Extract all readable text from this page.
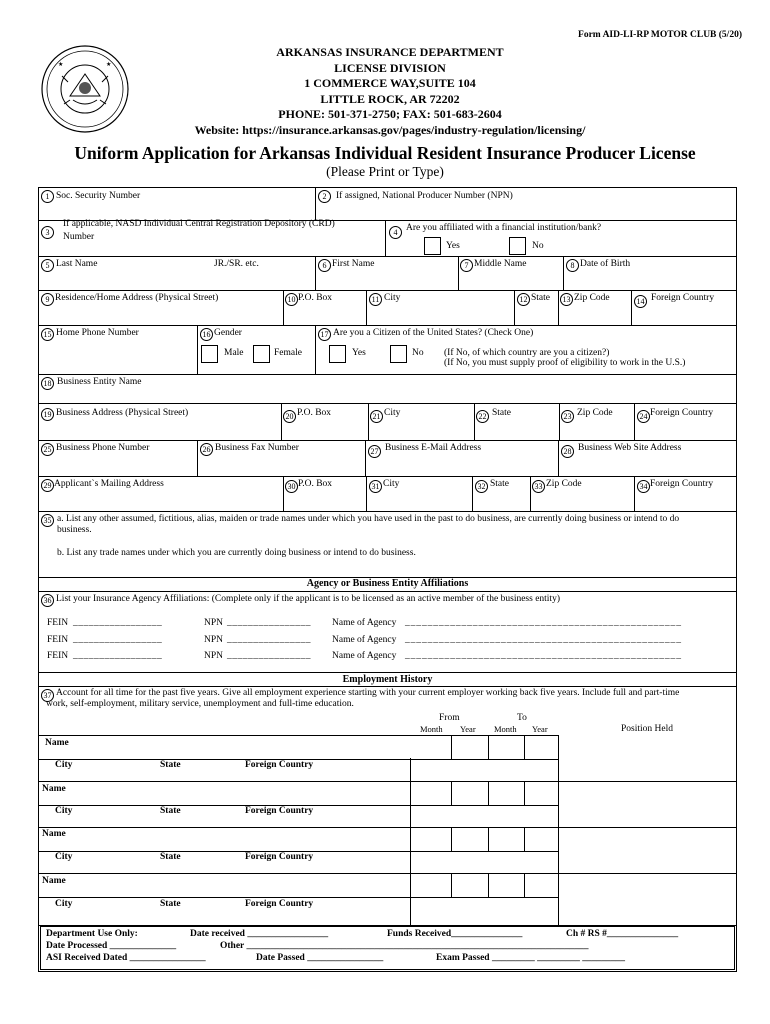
Form AID-LI-RP MOTOR CLUB (5/20)
★	★
ARKANSAS INSURANCE DEPARTMENT
LICENSE DIVISION
1 COMMERCE WAY,SUITE 104
LITTLE ROCK, AR 72202
PHONE: 501-371-2750; FAX: 501-683-2604
Website: https://insurance.arkansas.gov/pages/industry-regulation/licensing/
Uniform Application for Arkansas Individual Resident Insurance Producer License
(Please Print or Type)
1 Soc. Security Number	2	If assigned, National Producer Number (NPN)
3
If applicable, NASD Individual Central Registration Depository (CRD)
Number	4 Are you affiliated with a financial institution/bank?
Yes	No
5 Last Name	JR./SR. etc.	6 First Name	7 Middle Name	8 Date of Birth
9 Residence/Home Address (Physical Street)	10 P.O. Box	11 City	12 State	13 Zip Code	14 Foreign Country
15 Home Phone Number	16 Gender
Male	Female
17 Are you a Citizen of the United States? (Check One)
Yes	No (If No, of which country are you a citizen?)
(If No, you must supply proof of eligibility to work in the U.S.)
18 Business Entity Name
19 Business Address (Physical Street)	20 P.O. Box	21 City	22 State	23 Zip Code	24 Foreign Country
25 Business Phone Number	26 Business Fax Number	27 Business E-Mail Address	28 Business Web Site Address
29 Applicant`s Mailing Address	30 P.O. Box	31 City	32 State	33 Zip Code	34 Foreign Country
35 a. List any other assumed, fictitious, alias, maiden or trade names under which you have used in the past to do business, are currently doing business or intend to do
business.
b. List any trade names under which you are currently doing business or intend to do business.
Agency or Business Entity Affiliations
36 List your Insurance Agency Affiliations: (Complete only if the applicant is to be licensed as an active member of the business entity)
FEIN _________________	NPN ________________ Name of Agency _________________________________________________
FEIN _________________	NPN ________________ Name of Agency _________________________________________________
FEIN _________________	NPN ________________ Name of Agency _________________________________________________
Employment History
37 Account for all time for the past five years. Give all employment experience starting with your current employer working back five years. Include full and part-time
work, self-employment, military service, unemployment and full-time education.
From	To
Month Year Month Year	Position Held
Name
City	State	Foreign Country
Name
City	State	Foreign Country
Name
City	State	Foreign Country
Name
City	State	Foreign Country
Department Use Only:	Date received _________________	Funds Received_______________	Ch # RS #_______________
Date Processed ______________	Other ________________________________________________________________________
ASI Received Dated ________________	Date Passed ________________	Exam Passed _________ _________ _________
